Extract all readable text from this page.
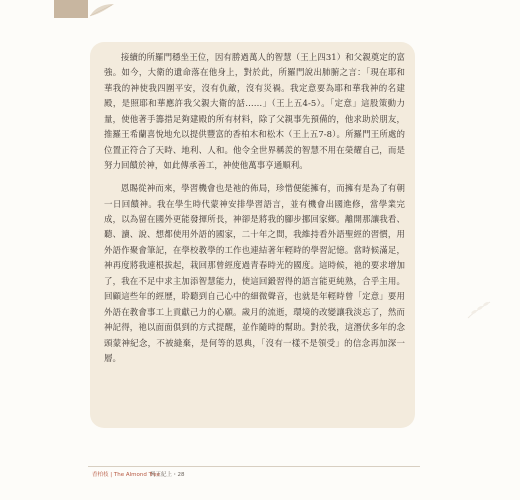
接續的所羅門穩坐王位，因有勝過萬人的智慧（王上四31）和父親奠定的富強。如今，大衛的遺命落在他身上，對於此，所羅門說出肺腑之言：「現在耶和華我的神使我四圍平安，沒有仇敵，沒有災禍。我定意要為耶和華我神的名建殿，是照耶和華應許我父親大衛的話……」（王上五4-5）。「定意」這股策動力量，使他著手籌措足夠建殿的所有材料，除了父親事先預備的，他求助於朋友，推羅王希蘭喜悅地允以提供豐富的香柏木和松木（王上五7-8）。所羅門王所處的位置正符合了天時、地利、人和。他令全世界稱羨的智慧不用在榮耀自己，而是努力回饋於神，如此傳承善工，神使他萬事亨通順利。

恩賜從神而來，學習機會也是祂的佈局，珍惜便能擁有，而擁有是為了有朝一日回饋神。我在學生時代蒙神安排學習語言，並有機會出國進修，當學業完成，以為留在國外更能發揮所長，神卻是將我的腳步挪回家鄉。離開那讓我看、聽、讀、說、想都使用外語的國家，二十年之間，我維持看外語聖經的習慣，用外語作聚會筆記，在學校教學的工作也連結著年輕時的學習記憶。當時候滿足，神再度將我連根拔起，栽回那曾經度過青春時光的國度。這時候，祂的要求增加了，我在不足中求主加添智慧能力，使這回鍛習得的語言能更純熟，合乎主用。回顧這些年的經歷，聆聽到自己心中的細微聲音，也就是年輕時曾「定意」要用外語在教會事工上貢獻己力的心願。歲月的流逝，環境的改變讓我淡忘了，然而神記得，祂以面面俱到的方式提醒，並作隨時的幫助。對於我，這潛伏多年的念頭蒙神紀念，不被縫棄，是何等的恩典，「沒有一樣不是領受」的信念再加深一層。

香柏枝 | The Almond Tree
列王紀上・28
